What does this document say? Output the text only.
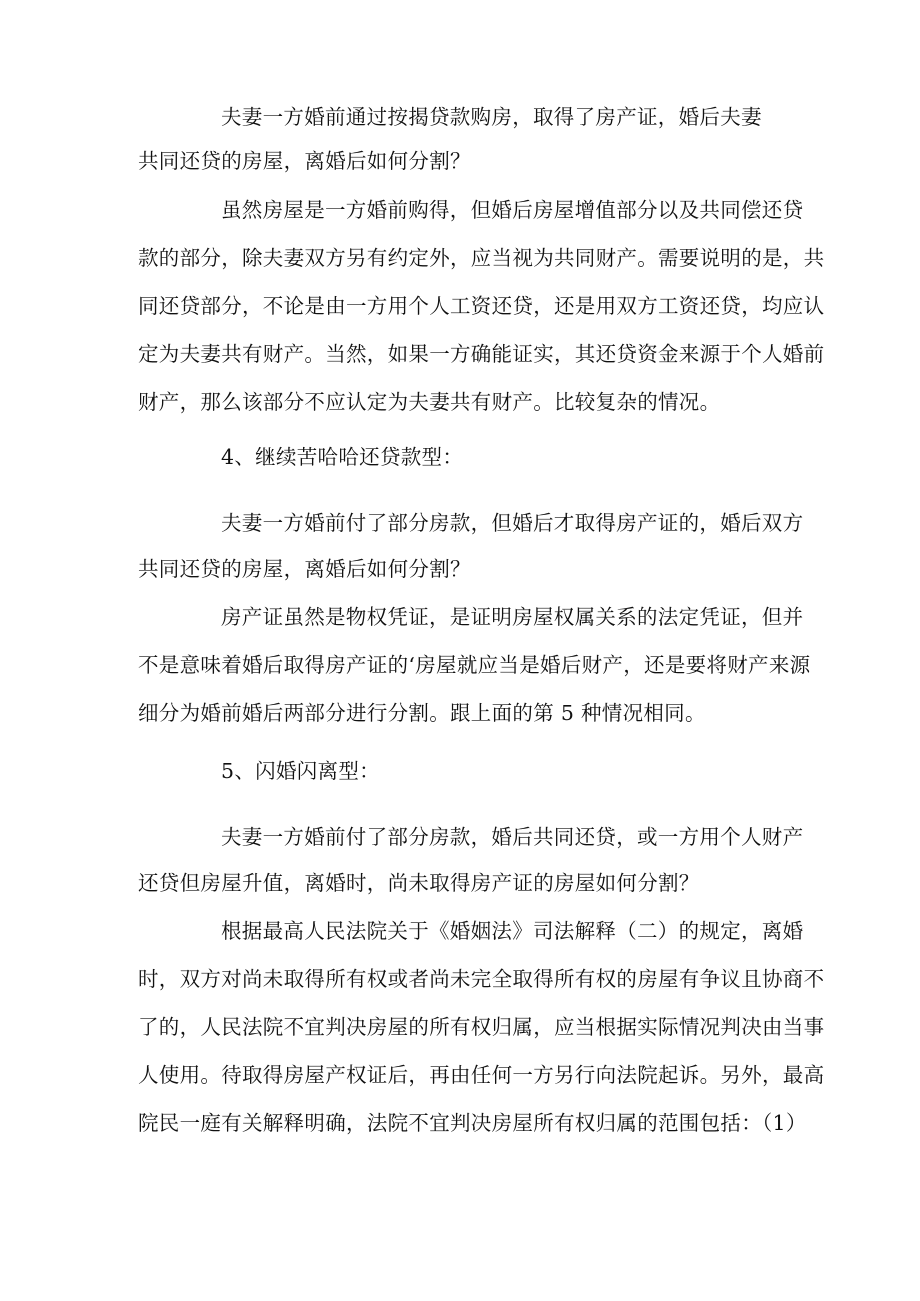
夫妻一方婚前通过按揭贷款购房，取得了房产证，婚后夫妻
共同还贷的房屋，离婚后如何分割？
虽然房屋是一方婚前购得，但婚后房屋增值部分以及共同偿还贷
款的部分，除夫妻双方另有约定外，应当视为共同财产。需要说明的是，共
同还贷部分，不论是由一方用个人工资还贷，还是用双方工资还贷，均应认
定为夫妻共有财产。当然，如果一方确能证实，其还贷资金来源于个人婚前
财产，那么该部分不应认定为夫妻共有财产。比较复杂的情况。
4、继续苦哈哈还贷款型：
夫妻一方婚前付了部分房款，但婚后才取得房产证的，婚后双方
共同还贷的房屋，离婚后如何分割？
房产证虽然是物权凭证，是证明房屋权属关系的法定凭证，但并
不是意味着婚后取得房产证的‘房屋就应当是婚后财产，还是要将财产来源
细分为婚前婚后两部分进行分割。跟上面的第 5 种情况相同。
5、闪婚闪离型：
夫妻一方婚前付了部分房款，婚后共同还贷，或一方用个人财产
还贷但房屋升值，离婚时，尚未取得房产证的房屋如何分割？
根据最高人民法院关于《婚姻法》司法解释（二）的规定，离婚
时，双方对尚未取得所有权或者尚未完全取得所有权的房屋有争议且协商不
了的，人民法院不宜判决房屋的所有权归属，应当根据实际情况判决由当事
人使用。待取得房屋产权证后，再由任何一方另行向法院起诉。另外，最高
院民一庭有关解释明确，法院不宜判决房屋所有权归属的范围包括：（1）
